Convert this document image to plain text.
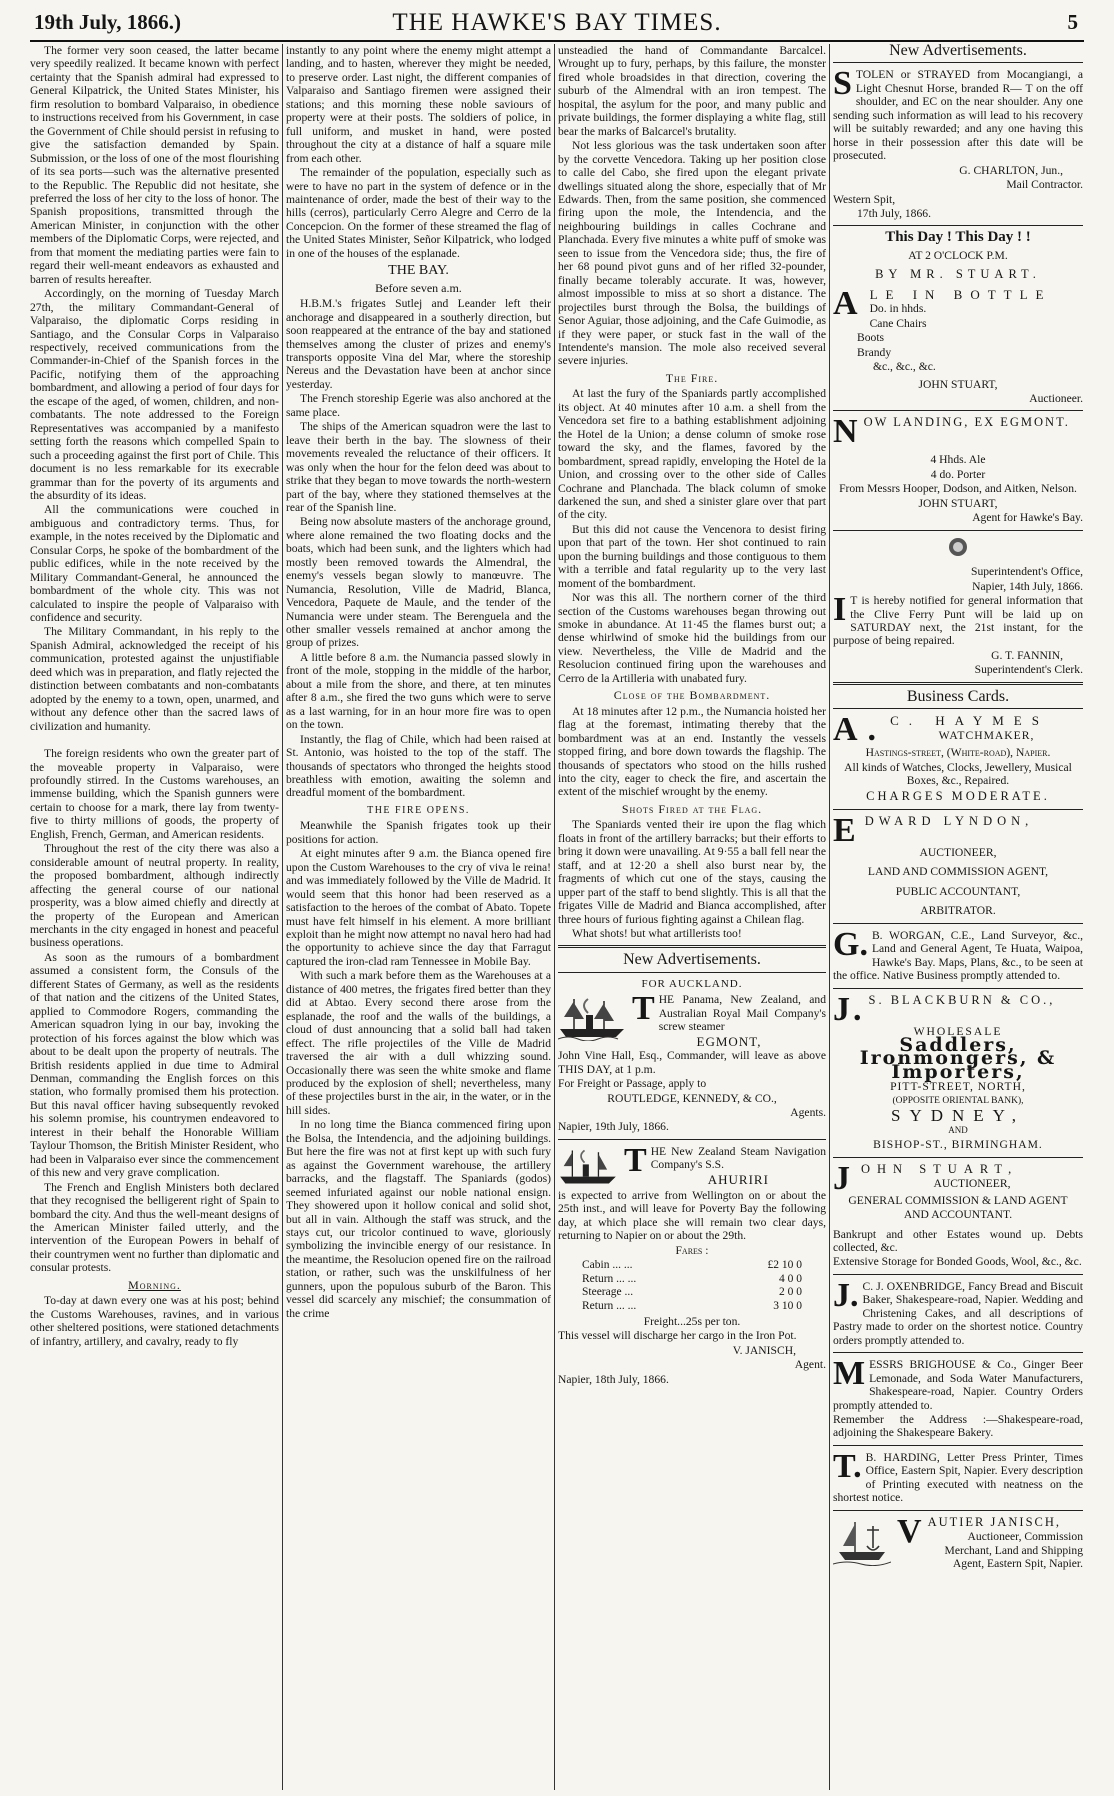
19th July, 1866.)	THE HAWKE'S BAY TIMES.	5

The former very soon ceased, the latter became very speedily realized. It became known with perfect certainty that the Spanish admiral had expressed to General Kilpatrick, the United States Minister, his firm resolution to bombard Valparaiso, in obedience to instructions received from his Government, in case the Government of Chile should persist in refusing to give the satisfaction demanded by Spain. Submission, or the loss of one of the most flourishing of its sea ports—such was the alternative presented to the Republic. The Republic did not hesitate, she preferred the loss of her city to the loss of honor. The Spanish propositions, transmitted through the American Minister, in conjunction with the other members of the Diplomatic Corps, were rejected, and from that moment the mediating parties were fain to regard their well-meant endeavors as exhausted and barren of results hereafter.

Accordingly, on the morning of Tuesday March 27th, the military Commandant-General of Valparaiso, the diplomatic Corps residing in Santiago, and the Consular Corps in Valparaiso respectively, received communications from the Commander-in-Chief of the Spanish forces in the Pacific, notifying them of the approaching bombardment, and allowing a period of four days for the escape of the aged, of women, children, and non-combatants. The note addressed to the Foreign Representatives was accompanied by a manifesto setting forth the reasons which compelled Spain to such a proceeding against the first port of Chile. This document is no less remarkable for its execrable grammar than for the poverty of its arguments and the absurdity of its ideas.

All the communications were couched in ambiguous and contradictory terms. Thus, for example, in the notes received by the Diplomatic and Consular Corps, he spoke of the bombardment of the public edifices, while in the note received by the Military Commandant-General, he announced the bombardment of the whole city. This was not calculated to inspire the people of Valparaiso with confidence and security.

The Military Commandant, in his reply to the Spanish Admiral, acknowledged the receipt of his communication, protested against the unjustifiable deed which was in preparation, and flatly rejected the distinction between combatants and non-combatants adopted by the enemy to a town, open, unarmed, and without any defence other than the sacred laws of civilization and humanity.

The foreign residents who own the greater part of the moveable property in Valparaiso, were profoundly stirred. In the Customs warehouses, an immense building, which the Spanish gunners were certain to choose for a mark, there lay from twenty-five to thirty millions of goods, the property of English, French, German, and American residents.

Throughout the rest of the city there was also a considerable amount of neutral property. In reality, the proposed bombardment, although indirectly affecting the general course of our national prosperity, was a blow aimed chiefly and directly at the property of the European and American merchants in the city engaged in honest and peaceful business operations.

As soon as the rumours of a bombardment assumed a consistent form, the Consuls of the different States of Germany, as well as the residents of that nation and the citizens of the United States, applied to Commodore Rogers, commanding the American squadron lying in our bay, invoking the protection of his forces against the blow which was about to be dealt upon the property of neutrals. The British residents applied in due time to Admiral Denman, commanding the English forces on this station, who formally promised them his protection. But this naval officer having subsequently revoked his solemn promise, his countrymen endeavored to interest in their behalf the Honorable William Taylour Thomson, the British Minister Resident, who had been in Valparaiso ever since the commencement of this new and very grave complication.

The French and English Ministers both declared that they recognised the belligerent right of Spain to bombard the city. And thus the well-meant designs of the American Minister failed utterly, and the intervention of the European Powers in behalf of their countrymen went no further than diplomatic and consular protests.

Morning.

To-day at dawn every one was at his post; behind the Customs Warehouses, ravines, and in various other sheltered positions, were stationed detachments of infantry, artillery, and cavalry, ready to fly

instantly to any point where the enemy might attempt a landing, and to hasten, wherever they might be needed, to preserve order. Last night, the different companies of Valparaiso and Santiago firemen were assigned their stations; and this morning these noble saviours of property were at their posts. The soldiers of police, in full uniform, and musket in hand, were posted throughout the city at a distance of half a square mile from each other.

The remainder of the population, especially such as were to have no part in the system of defence or in the maintenance of order, made the best of their way to the hills (cerros), particularly Cerro Alegre and Cerro de la Concepcion. On the former of these streamed the flag of the United States Minister, Señor Kilpatrick, who lodged in one of the houses of the esplanade.

THE BAY.
Before seven a.m.

H.B.M.'s frigates Sutlej and Leander left their anchorage and disappeared in a southerly direction, but soon reappeared at the entrance of the bay and stationed themselves among the cluster of prizes and enemy's transports opposite Vina del Mar, where the storeship Nereus and the Devastation have been at anchor since yesterday.

The French storeship Egerie was also anchored at the same place.

The ships of the American squadron were the last to leave their berth in the bay. The slowness of their movements revealed the reluctance of their officers. It was only when the hour for the felon deed was about to strike that they began to move towards the north-western part of the bay, where they stationed themselves at the rear of the Spanish line.

Being now absolute masters of the anchorage ground, where alone remained the two floating docks and the boats, which had been sunk, and the lighters which had mostly been removed towards the Almendral, the enemy's vessels began slowly to manœuvre. The Numancia, Resolution, Ville de Madrid, Blanca, Vencedora, Paquete de Maule, and the tender of the Numancia were under steam. The Berenguela and the other smaller vessels remained at anchor among the group of prizes.

A little before 8 a.m. the Numancia passed slowly in front of the mole, stopping in the middle of the harbor, about a mile from the shore, and there, at ten minutes after 8 a.m., she fired the two guns which were to serve as a last warning, for in an hour more fire was to open on the town.

Instantly, the flag of Chile, which had been raised at St. Antonio, was hoisted to the top of the staff. The thousands of spectators who thronged the heights stood breathless with emotion, awaiting the solemn and dreadful moment of the bombardment.

THE FIRE OPENS.

Meanwhile the Spanish frigates took up their positions for action.

At eight minutes after 9 a.m. the Bianca opened fire upon the Custom Warehouses to the cry of viva le reina! and was immediately followed by the Ville de Madrid. It would seem that this honor had been reserved as a satisfaction to the heroes of the combat of Abato. Topete must have felt himself in his element. A more brilliant exploit than he might now attempt no naval hero had had the opportunity to achieve since the day that Farragut captured the iron-clad ram Tennessee in Mobile Bay.

With such a mark before them as the Warehouses at a distance of 400 metres, the frigates fired better than they did at Abtao. Every second there arose from the esplanade, the roof and the walls of the buildings, a cloud of dust announcing that a solid ball had taken effect. The rifle projectiles of the Ville de Madrid traversed the air with a dull whizzing sound. Occasionally there was seen the white smoke and flame produced by the explosion of shell; nevertheless, many of these projectiles burst in the air, in the water, or in the hill sides.

In no long time the Bianca commenced firing upon the Bolsa, the Intendencia, and the adjoining buildings. But here the fire was not at first kept up with such fury as against the Government warehouse, the artillery barracks, and the flagstaff. The Spaniards (godos) seemed infuriated against our noble national ensign. They showered upon it hollow conical and solid shot, but all in vain. Although the staff was struck, and the stays cut, our tricolor continued to wave, gloriously symbolizing the invincible energy of our resistance. In the meantime, the Resolucion opened fire on the railroad station, or rather, such was the unskilfulness of her gunners, upon the populous suburb of the Baron. This vessel did scarcely any mischief; the consummation of the crime

unsteadied the hand of Commandante Barcalcel. Wrought up to fury, perhaps, by this failure, the monster fired whole broadsides in that direction, covering the suburb of the Almendral with an iron tempest. The hospital, the asylum for the poor, and many public and private buildings, the former displaying a white flag, still bear the marks of Balcarcel's brutality.

Not less glorious was the task undertaken soon after by the corvette Vencedora. Taking up her position close to calle del Cabo, she fired upon the elegant private dwellings situated along the shore, especially that of Mr Edwards. Then, from the same position, she commenced firing upon the mole, the Intendencia, and the neighbouring buildings in calles Cochrane and Planchada. Every five minutes a white puff of smoke was seen to issue from the Vencedora side; thus, the fire of her 68 pound pivot guns and of her rifled 32-pounder, finally became tolerably accurate. It was, however, almost impossible to miss at so short a distance. The projectiles burst through the Bolsa, the buildings of Senor Aguiar, those adjoining, and the Cafe Guimodie, as if they were paper, or stuck fast in the wall of the Intendente's mansion. The mole also received several severe injuries.

The Fire.

At last the fury of the Spaniards partly accomplished its object. At 40 minutes after 10 a.m. a shell from the Vencedora set fire to a bathing establishment adjoining the Hotel de la Union; a dense column of smoke rose toward the sky, and the flames, favored by the bombardment, spread rapidly, enveloping the Hotel de la Union, and crossing over to the other side of Calles Cochrane and Planchada. The black column of smoke darkened the sun, and shed a sinister glare over that part of the city.

But this did not cause the Vencenora to desist firing upon that part of the town. Her shot continued to rain upon the burning buildings and those contiguous to them with a terrible and fatal regularity up to the very last moment of the bombardment.

Nor was this all. The northern corner of the third section of the Customs warehouses began throwing out smoke in abundance. At 11·45 the flames burst out; a dense whirlwind of smoke hid the buildings from our view. Nevertheless, the Ville de Madrid and the Resolucion continued firing upon the warehouses and Cerro de la Artilleria with unabated fury.

Close of the Bombardment.

At 18 minutes after 12 p.m., the Numancia hoisted her flag at the foremast, intimating thereby that the bombardment was at an end. Instantly the vessels stopped firing, and bore down towards the flagship. The thousands of spectators who stood on the hills rushed into the city, eager to check the fire, and ascertain the extent of the mischief wrought by the enemy.

Shots Fired at the Flag.

The Spaniards vented their ire upon the flag which floats in front of the artillery barracks; but their efforts to bring it down were unavailing. At 9·55 a ball fell near the staff, and at 12·20 a shell also burst near by, the fragments of which cut one of the stays, causing the upper part of the staff to bend slightly. This is all that the frigates Ville de Madrid and Bianca accomplished, after three hours of furious fighting against a Chilean flag.

What shots! but what artillerists too!

New Advertisements.
FOR AUCKLAND.

THE Panama, New Zealand, and Australian Royal Mail Company's screw steamer

EGMONT,

John Vine Hall, Esq., Commander, will leave as above THIS DAY, at 1 p.m.

For Freight or Passage, apply to

ROUTLEDGE, KENNEDY, & CO.,

Agents.

Napier, 19th July, 1866.

THE New Zealand Steam Navigation Company's S.S.

AHURIRI

is expected to arrive from Wellington on or about the 25th inst., and will leave for Poverty Bay the following day, at which place she will remain two clear days, returning to Napier on or about the 29th.

Fares :

Cabin ... ...	£2 10 0
Return ... ...	4 0 0
Steerage ...	2 0 0
Return ... ...	3 10 0

Freight...25s per ton.

This vessel will discharge her cargo in the Iron Pot.

V. JANISCH,

Agent.

Napier, 18th July, 1866.

New Advertisements.

STOLEN or STRAYED from Mocangiangi, a Light Chesnut Horse, branded R— T on the off shoulder, and EC on the near shoulder. Any one sending such information as will lead to his recovery will be suitably rewarded; and any one having this horse in their possession after this date will be prosecuted.

G. CHARLTON, Jun.,

Mail Contractor.

Western Spit,

17th July, 1866.

This Day ! This Day ! !

AT 2 O'CLOCK P.M.

BY MR. STUART.

ALE IN BOTTLE

Do. in hhds.

Cane Chairs

Boots

Brandy

&c., &c., &c.

JOHN STUART,

Auctioneer.

NOW LANDING, EX EGMONT.

4 Hhds. Ale

4 do. Porter

From Messrs Hooper, Dodson, and Aitken, Nelson.

JOHN STUART,

Agent for Hawke's Bay.

Superintendent's Office,

Napier, 14th July, 1866.

I T is hereby notified for general information that the Clive Ferry Punt will be laid up on SATURDAY next, the 21st instant, for the purpose of being repaired.

G. T. FANNIN,

Superintendent's Clerk.

Business Cards.

A. C. HAYMES

WATCHMAKER,

Hastings-street, (White-road), Napier.

All kinds of Watches, Clocks, Jewellery, Musical Boxes, &c., Repaired.

CHARGES MODERATE.

EDWARD LYNDON,

AUCTIONEER,

LAND AND COMMISSION AGENT,

PUBLIC ACCOUNTANT,

ARBITRATOR.

G. B. WORGAN, C.E., Land Surveyor, &c., Land and General Agent, Te Huata, Waipoa, Hawke's Bay. Maps, Plans, &c., to be seen at the office. Native Business promptly attended to.

J. S. BLACKBURN & CO.,

WHOLESALE

Saddlers, Ironmongers, & Importers,

PITT-STREET, NORTH,

(OPPOSITE ORIENTAL BANK),

SYDNEY,

AND

BISHOP-ST., BIRMINGHAM.

JOHN STUART,

AUCTIONEER,

GENERAL COMMISSION & LAND AGENT

AND ACCOUNTANT.

Bankrupt and other Estates wound up. Debts collected, &c.

Extensive Storage for Bonded Goods, Wool, &c., &c.

J. C. J. OXENBRIDGE, Fancy Bread and Biscuit Baker, Shakespeare-road, Napier. Wedding and Christening Cakes, and all descriptions of Pastry made to order on the shortest notice. Country orders promptly attended to.

MESSRS BRIGHOUSE & Co., Ginger Beer Lemonade, and Soda Water Manufacturers, Shakespeare-road, Napier. Country Orders promptly attended to.

Remember the Address :—Shakespeare-road, adjoining the Shakespeare Bakery.

T. B. HARDING, Letter Press Printer, Times Office, Eastern Spit, Napier. Every description of Printing executed with neatness on the shortest notice.

VAUTIER JANISCH,

Auctioneer, Commission Merchant, Land and Shipping Agent, Eastern Spit, Napier.
